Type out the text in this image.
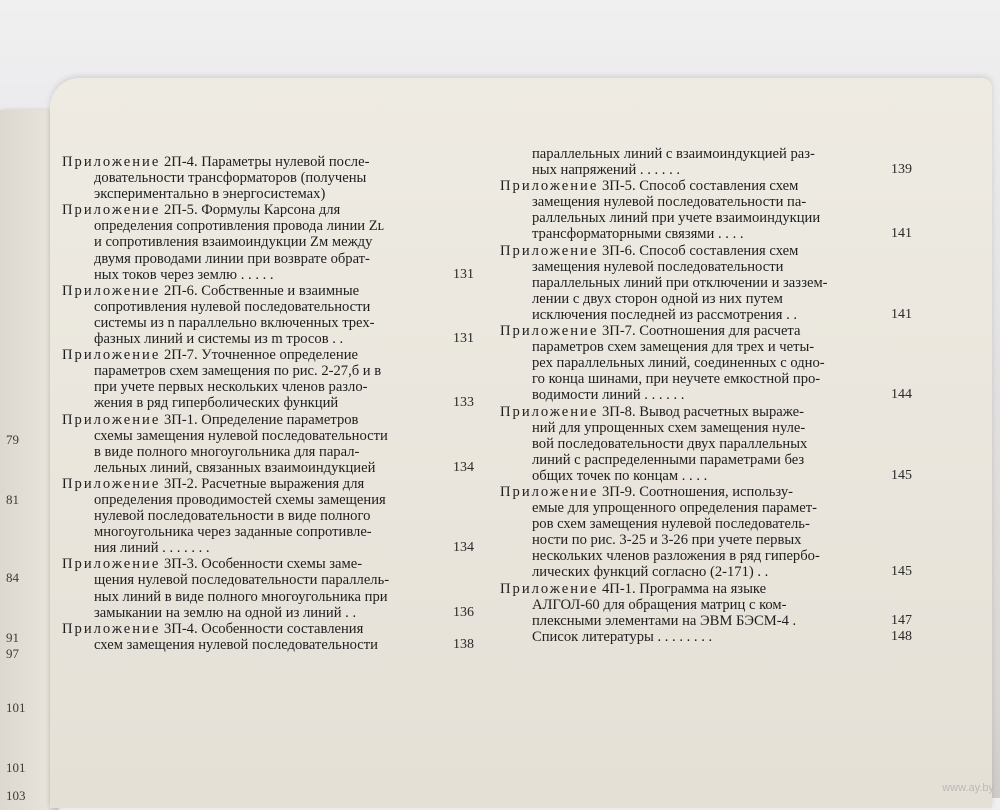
79
81
84
91
97
101
101
103
Приложение 2П-4. Параметры нулевой после-
довательности трансформаторов (получены
экспериментально в энергосистемах)
Приложение 2П-5. Формулы Карсона для
определения сопротивления провода линии Zʟ
и сопротивления взаимоиндукции Zм между
двумя проводами линии при возврате обрат-
ных токов через землю . . . . .	131
Приложение 2П-6. Собственные и взаимные
сопротивления нулевой последовательности
системы из n параллельно включенных трех-
фазных линий и системы из m тросов . .	131
Приложение 2П-7. Уточненное определение
параметров схем замещения по рис. 2-27,б и в
при учете первых нескольких членов разло-
жения в ряд гиперболических функций	133
Приложение 3П-1. Определение параметров
схемы замещения нулевой последовательности
в виде полного многоугольника для парал-
лельных линий, связанных взаимоиндукцией	134
Приложение 3П-2. Расчетные выражения для
определения проводимостей схемы замещения
нулевой последовательности в виде полного
многоугольника через заданные сопротивле-
ния линий . . . . . . .	134
Приложение 3П-3. Особенности схемы заме-
щения нулевой последовательности параллель-
ных линий в виде полного многоугольника при
замыкании на землю на одной из линий . .	136
Приложение 3П-4. Особенности составления
схем замещения нулевой последовательности	138
параллельных линий с взаимоиндукцией раз-
ных напряжений . . . . . .	139
Приложение 3П-5. Способ составления схем
замещения нулевой последовательности па-
раллельных линий при учете взаимоиндукции
трансформаторными связями . . . .	141
Приложение 3П-6. Способ составления схем
замещения нулевой последовательности
параллельных линий при отключении и заззем-
лении с двух сторон одной из них путем
исключения последней из рассмотрения . .	141
Приложение 3П-7. Соотношения для расчета
параметров схем замещения для трех и четы-
рех параллельных линий, соединенных с одно-
го конца шинами, при неучете емкостной про-
водимости линий . . . . . .	144
Приложение 3П-8. Вывод расчетных выраже-
ний для упрощенных схем замещения нуле-
вой последовательности двух параллельных
линий с распределенными параметрами без
общих точек по концам . . . .	145
Приложение 3П-9. Соотношения, использу-
емые для упрощенного определения парамет-
ров схем замещения нулевой последователь-
ности по рис. 3-25 и 3-26 при учете первых
нескольких членов разложения в ряд гипербо-
лических функций согласно (2-171) . .	145
Приложение 4П-1. Программа на языке
АЛГОЛ-60 для обращения матриц с ком-
плексными элементами на ЭВМ БЭСМ-4 .	147
Список литературы . . . . . . . .	148
www.ay.by
